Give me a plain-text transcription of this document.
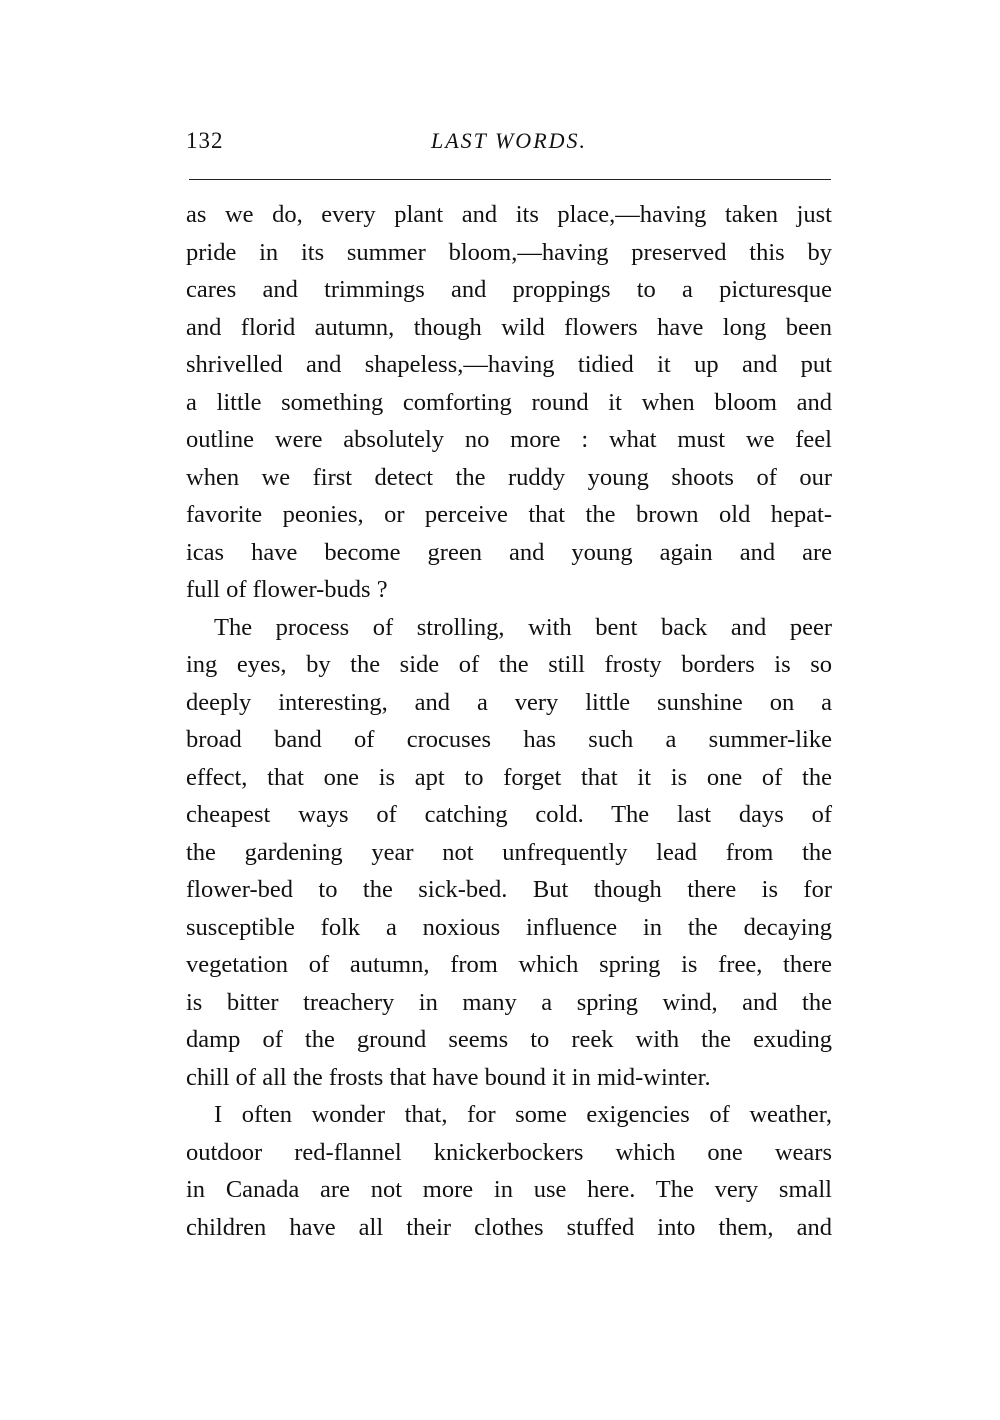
132	LAST WORDS.
as we do, every plant and its place,—having taken just
pride in its summer bloom,—having preserved this by
cares and trimmings and proppings to a picturesque
and florid autumn, though wild flowers have long been
shrivelled and shapeless,—having tidied it up and put
a little something comforting round it when bloom and
outline were absolutely no more : what must we feel
when we first detect the ruddy young shoots of our
favorite peonies, or perceive that the brown old hepat-
icas have become green and young again and are
full of flower-buds ?
The process of strolling, with bent back and peer
ing eyes, by the side of the still frosty borders is so
deeply interesting, and a very little sunshine on a
broad band of crocuses has such a summer-like
effect, that one is apt to forget that it is one of the
cheapest ways of catching cold. The last days of
the gardening year not unfrequently lead from the
flower-bed to the sick-bed. But though there is for
susceptible folk a noxious influence in the decaying
vegetation of autumn, from which spring is free, there
is bitter treachery in many a spring wind, and the
damp of the ground seems to reek with the exuding
chill of all the frosts that have bound it in mid-winter.
I often wonder that, for some exigencies of weather,
outdoor red-flannel knickerbockers which one wears
in Canada are not more in use here. The very small
children have all their clothes stuffed into them, and
